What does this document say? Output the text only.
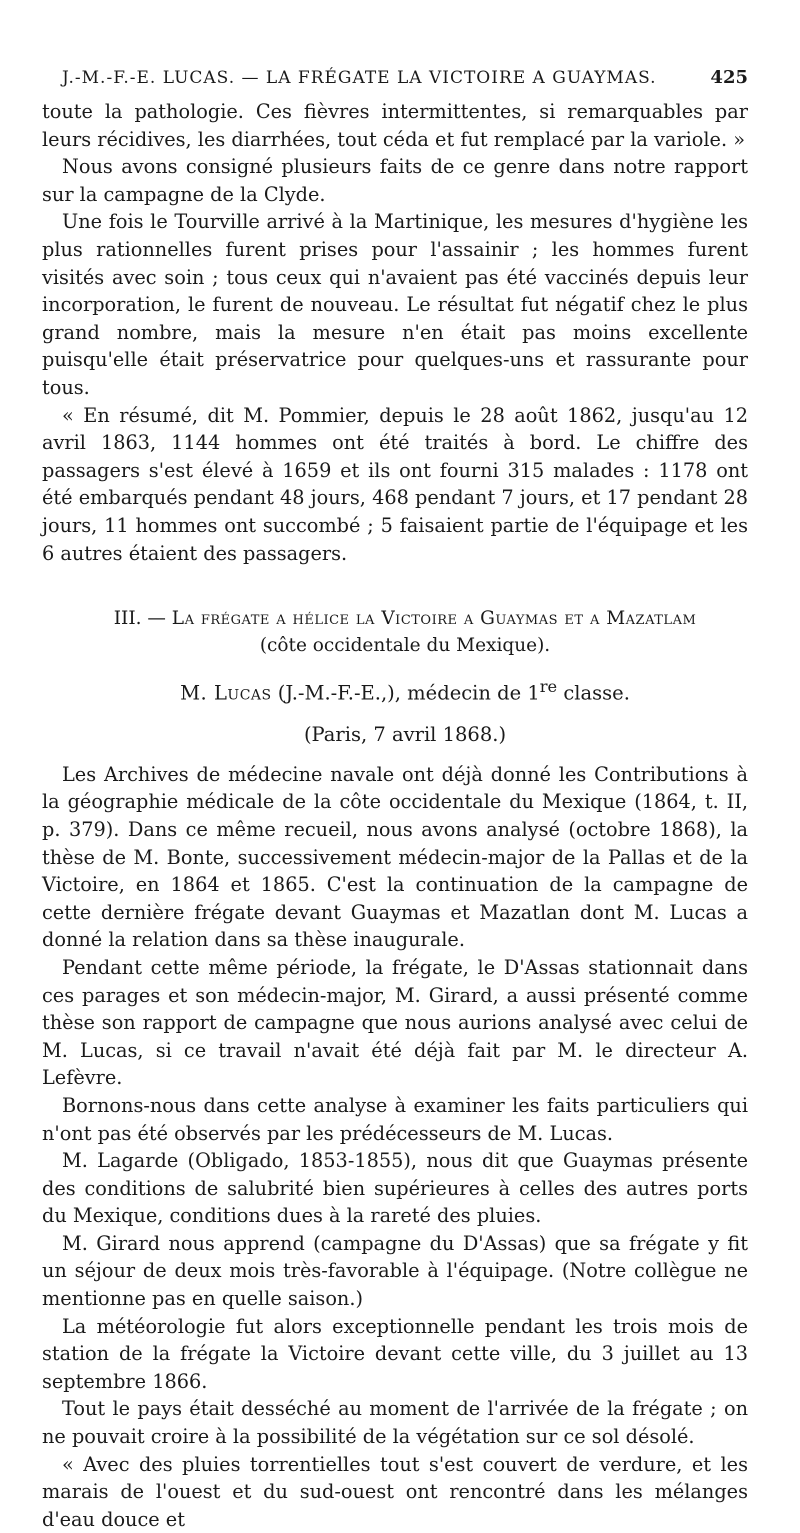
J.-M.-F.-E. LUCAS. — LA FRÉGATE LA VICTOIRE A GUAYMAS.	425

toute la pathologie. Ces fièvres intermittentes, si remarquables par leurs récidives, les diarrhées, tout céda et fut remplacé par la variole. »

Nous avons consigné plusieurs faits de ce genre dans notre rapport sur la campagne de la Clyde.

Une fois le Tourville arrivé à la Martinique, les mesures d'hygiène les plus rationnelles furent prises pour l'assainir ; les hommes furent visités avec soin ; tous ceux qui n'avaient pas été vaccinés depuis leur incorporation, le furent de nouveau. Le résultat fut négatif chez le plus grand nombre, mais la mesure n'en était pas moins excellente puisqu'elle était préservatrice pour quelques-uns et rassurante pour tous.

« En résumé, dit M. Pommier, depuis le 28 août 1862, jusqu'au 12 avril 1863, 1144 hommes ont été traités à bord. Le chiffre des passagers s'est élevé à 1659 et ils ont fourni 315 malades : 1178 ont été embarqués pendant 48 jours, 468 pendant 7 jours, et 17 pendant 28 jours, 11 hommes ont succombé ; 5 faisaient partie de l'équipage et les 6 autres étaient des passagers.

III. — La frégate a hélice la Victoire a Guaymas et a Mazatlam
(côte occidentale du Mexique).
M. Lucas (J.-M.-F.-E.,), médecin de 1re classe.
(Paris, 7 avril 1868.)

Les Archives de médecine navale ont déjà donné les Contributions à la géographie médicale de la côte occidentale du Mexique (1864, t. II, p. 379). Dans ce même recueil, nous avons analysé (octobre 1868), la thèse de M. Bonte, successivement médecin-major de la Pallas et de la Victoire, en 1864 et 1865. C'est la continuation de la campagne de cette dernière frégate devant Guaymas et Mazatlan dont M. Lucas a donné la relation dans sa thèse inaugurale.

Pendant cette même période, la frégate, le D'Assas stationnait dans ces parages et son médecin-major, M. Girard, a aussi présenté comme thèse son rapport de campagne que nous aurions analysé avec celui de M. Lucas, si ce travail n'avait été déjà fait par M. le directeur A. Lefèvre.

Bornons-nous dans cette analyse à examiner les faits particuliers qui n'ont pas été observés par les prédécesseurs de M. Lucas.

M. Lagarde (Obligado, 1853-1855), nous dit que Guaymas présente des conditions de salubrité bien supérieures à celles des autres ports du Mexique, conditions dues à la rareté des pluies.

M. Girard nous apprend (campagne du D'Assas) que sa frégate y fit un séjour de deux mois très-favorable à l'équipage. (Notre collègue ne mentionne pas en quelle saison.)

La météorologie fut alors exceptionnelle pendant les trois mois de station de la frégate la Victoire devant cette ville, du 3 juillet au 13 septembre 1866.

Tout le pays était desséché au moment de l'arrivée de la frégate ; on ne pouvait croire à la possibilité de la végétation sur ce sol désolé.

« Avec des pluies torrentielles tout s'est couvert de verdure, et les marais de l'ouest et du sud-ouest ont rencontré dans les mélanges d'eau douce et
